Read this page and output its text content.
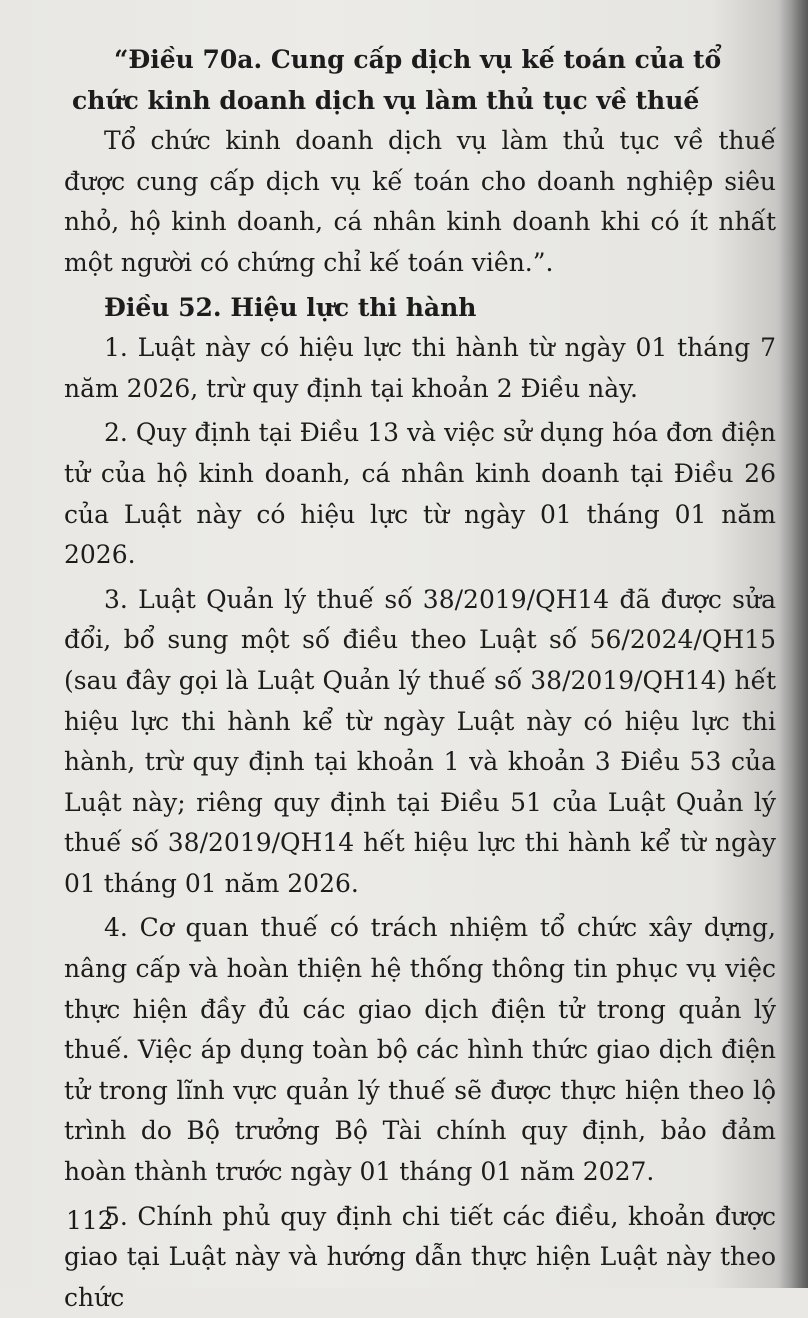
“Điều 70a. Cung cấp dịch vụ kế toán của tổ chức kinh doanh dịch vụ làm thủ tục về thuế

Tổ chức kinh doanh dịch vụ làm thủ tục về thuế được cung cấp dịch vụ kế toán cho doanh nghiệp siêu nhỏ, hộ kinh doanh, cá nhân kinh doanh khi có ít nhất một người có chứng chỉ kế toán viên.”.

Điều 52. Hiệu lực thi hành

1. Luật này có hiệu lực thi hành từ ngày 01 tháng 7 năm 2026, trừ quy định tại khoản 2 Điều này.

2. Quy định tại Điều 13 và việc sử dụng hóa đơn điện tử của hộ kinh doanh, cá nhân kinh doanh tại Điều 26 của Luật này có hiệu lực từ ngày 01 tháng 01 năm 2026.

3. Luật Quản lý thuế số 38/2019/QH14 đã được sửa đổi, bổ sung một số điều theo Luật số 56/2024/QH15 (sau đây gọi là Luật Quản lý thuế số 38/2019/QH14) hết hiệu lực thi hành kể từ ngày Luật này có hiệu lực thi hành, trừ quy định tại khoản 1 và khoản 3 Điều 53 của Luật này; riêng quy định tại Điều 51 của Luật Quản lý thuế số 38/2019/QH14 hết hiệu lực thi hành kể từ ngày 01 tháng 01 năm 2026.

4. Cơ quan thuế có trách nhiệm tổ chức xây dựng, nâng cấp và hoàn thiện hệ thống thông tin phục vụ việc thực hiện đầy đủ các giao dịch điện tử trong quản lý thuế. Việc áp dụng toàn bộ các hình thức giao dịch điện tử trong lĩnh vực quản lý thuế sẽ được thực hiện theo lộ trình do Bộ trưởng Bộ Tài chính quy định, bảo đảm hoàn thành trước ngày 01 tháng 01 năm 2027.

5. Chính phủ quy định chi tiết các điều, khoản được giao tại Luật này và hướng dẫn thực hiện Luật này theo chức

112
